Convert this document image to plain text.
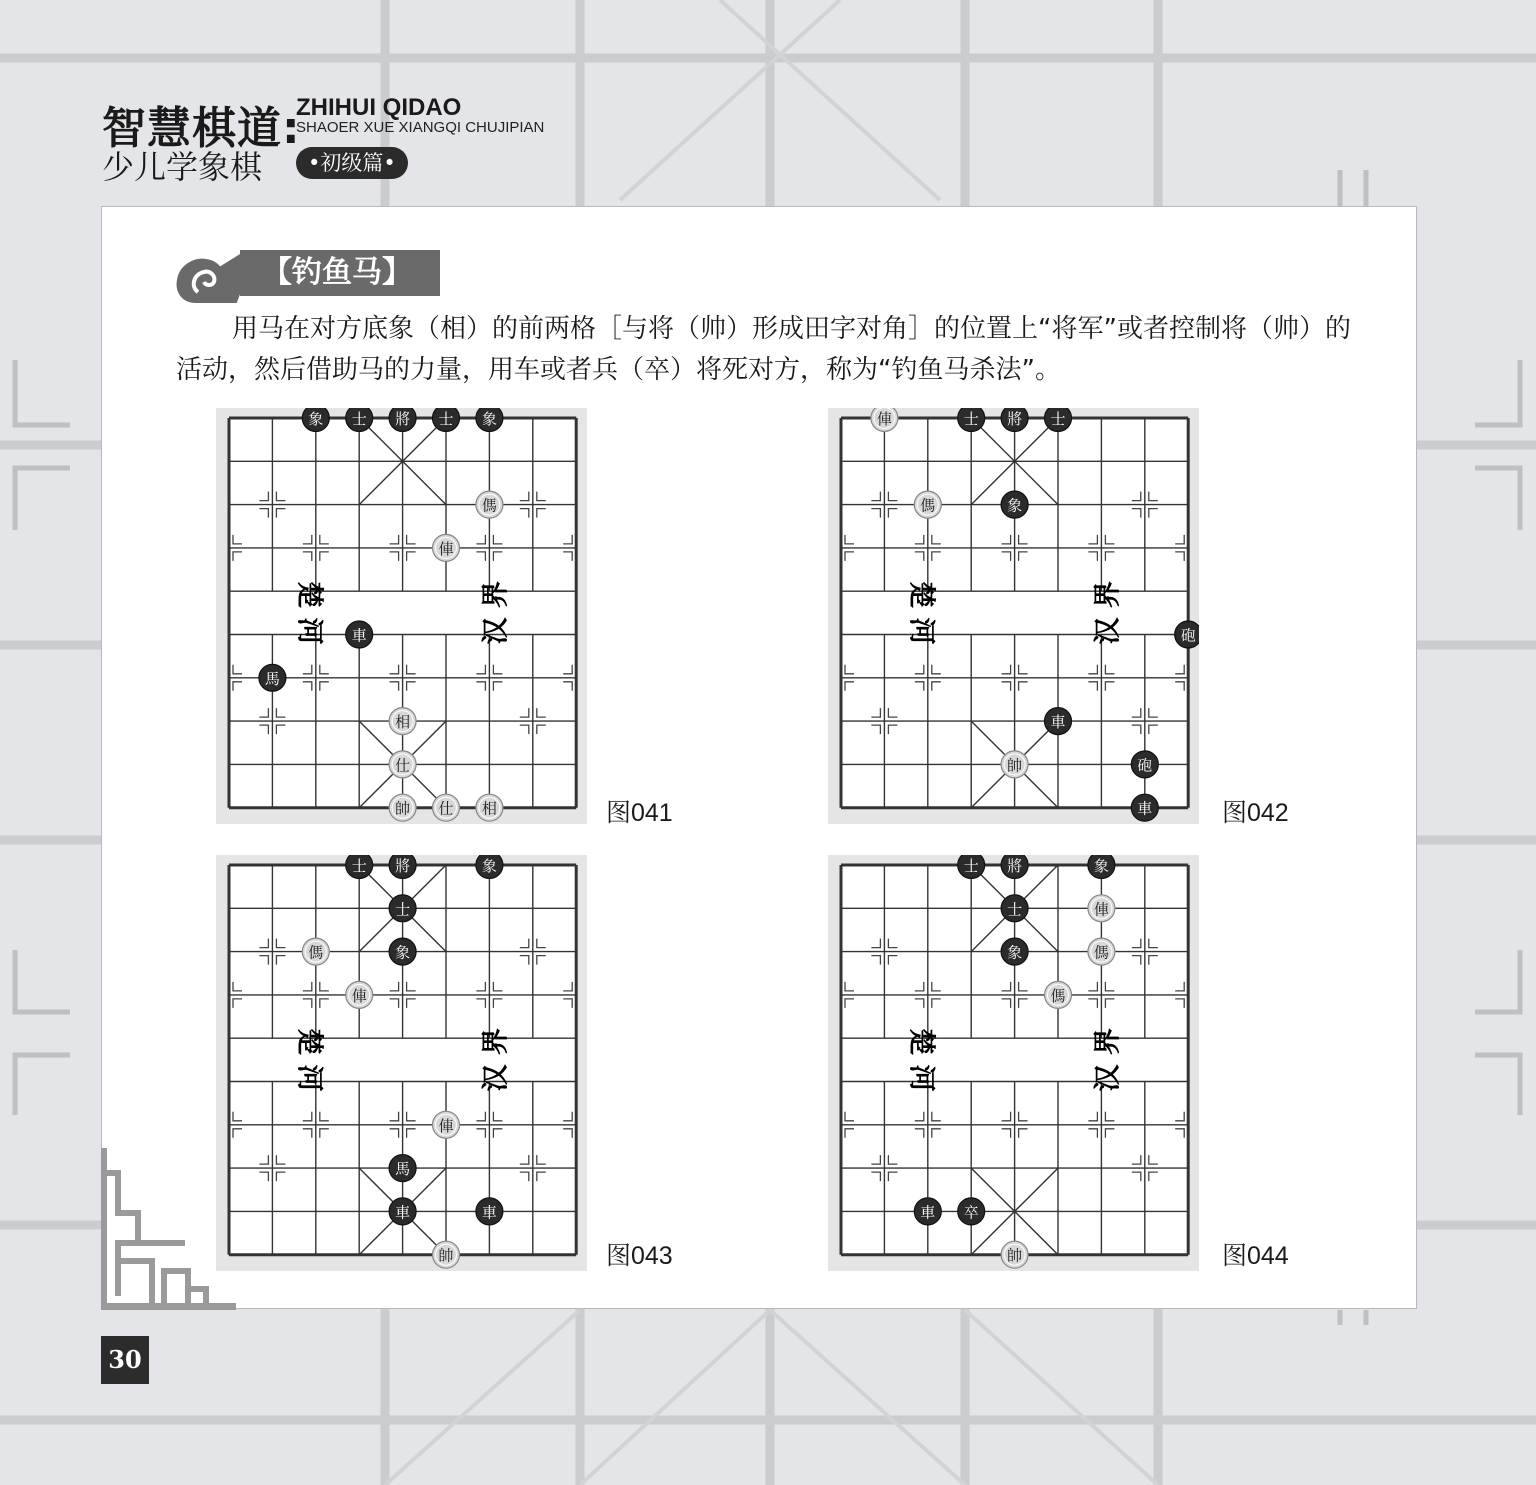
智慧棋道:
ZHIHUI QIDAO
SHAOER XUE XIANGQI CHUJIPIAN
少儿学象棋	•初级篇•
【钓鱼马】
用马在对方底象（相）的前两格［与将（帅）形成田字对角］的位置上“将军”或者控制将（帅）的活动，然后借助马的力量，用车或者兵（卒）将死对方，称为“钓鱼马杀法”。
楚 河	汉 界
象 士 將 士 象
傌
俥
車
馬
相
仕
帥 仕 相
楚 河	汉 界
俥	士 將 士
傌	象
砲
車
帥	砲
車
楚 河	汉 界
士 將	象
士
傌	象
俥
俥
馬
車	車
帥
楚 河	汉 界
士 將	象
士	俥
象	傌
傌
車 卒
帥
图041	图042
图043	图044
30
